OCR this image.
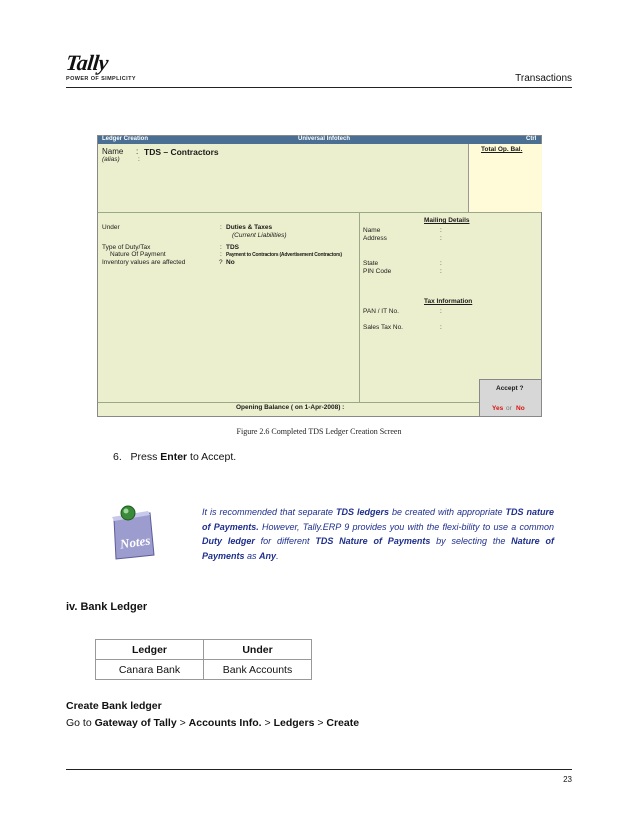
Tally
POWER OF SIMPLICITY	Transactions
Ledger Creation	Universal Infotech	Ctrl
Name : TDS – Contractors
(alias)	:
Total Op. Bal.
Under	: Duties & Taxes
(Current Liabilities)
Type of Duty/Tax	: TDS
Nature Of Payment	: Payment to Contractors (Advertisement Contractors)
Inventory values are affected	? No
Mailing Details
Name	:
Address	:
State	:
PIN Code	:
Tax Information
PAN / IT No.	:
Sales Tax No.	:
Opening Balance ( on 1-Apr-2008) :
Accept ?
Yes or No
Figure 2.6 Completed TDS Ledger Creation Screen
6. Press Enter to Accept.
Notes
It is recommended that separate TDS ledgers be created with appropriate TDS nature of Payments. However, Tally.ERP 9 provides you with the flexi-bility to use a common Duty ledger for different TDS Nature of Payments by selecting the Nature of Payments as Any.
iv. Bank Ledger
Ledger	Under
Canara Bank	Bank Accounts
Create Bank ledger
Go to Gateway of Tally > Accounts Info. > Ledgers > Create
23
